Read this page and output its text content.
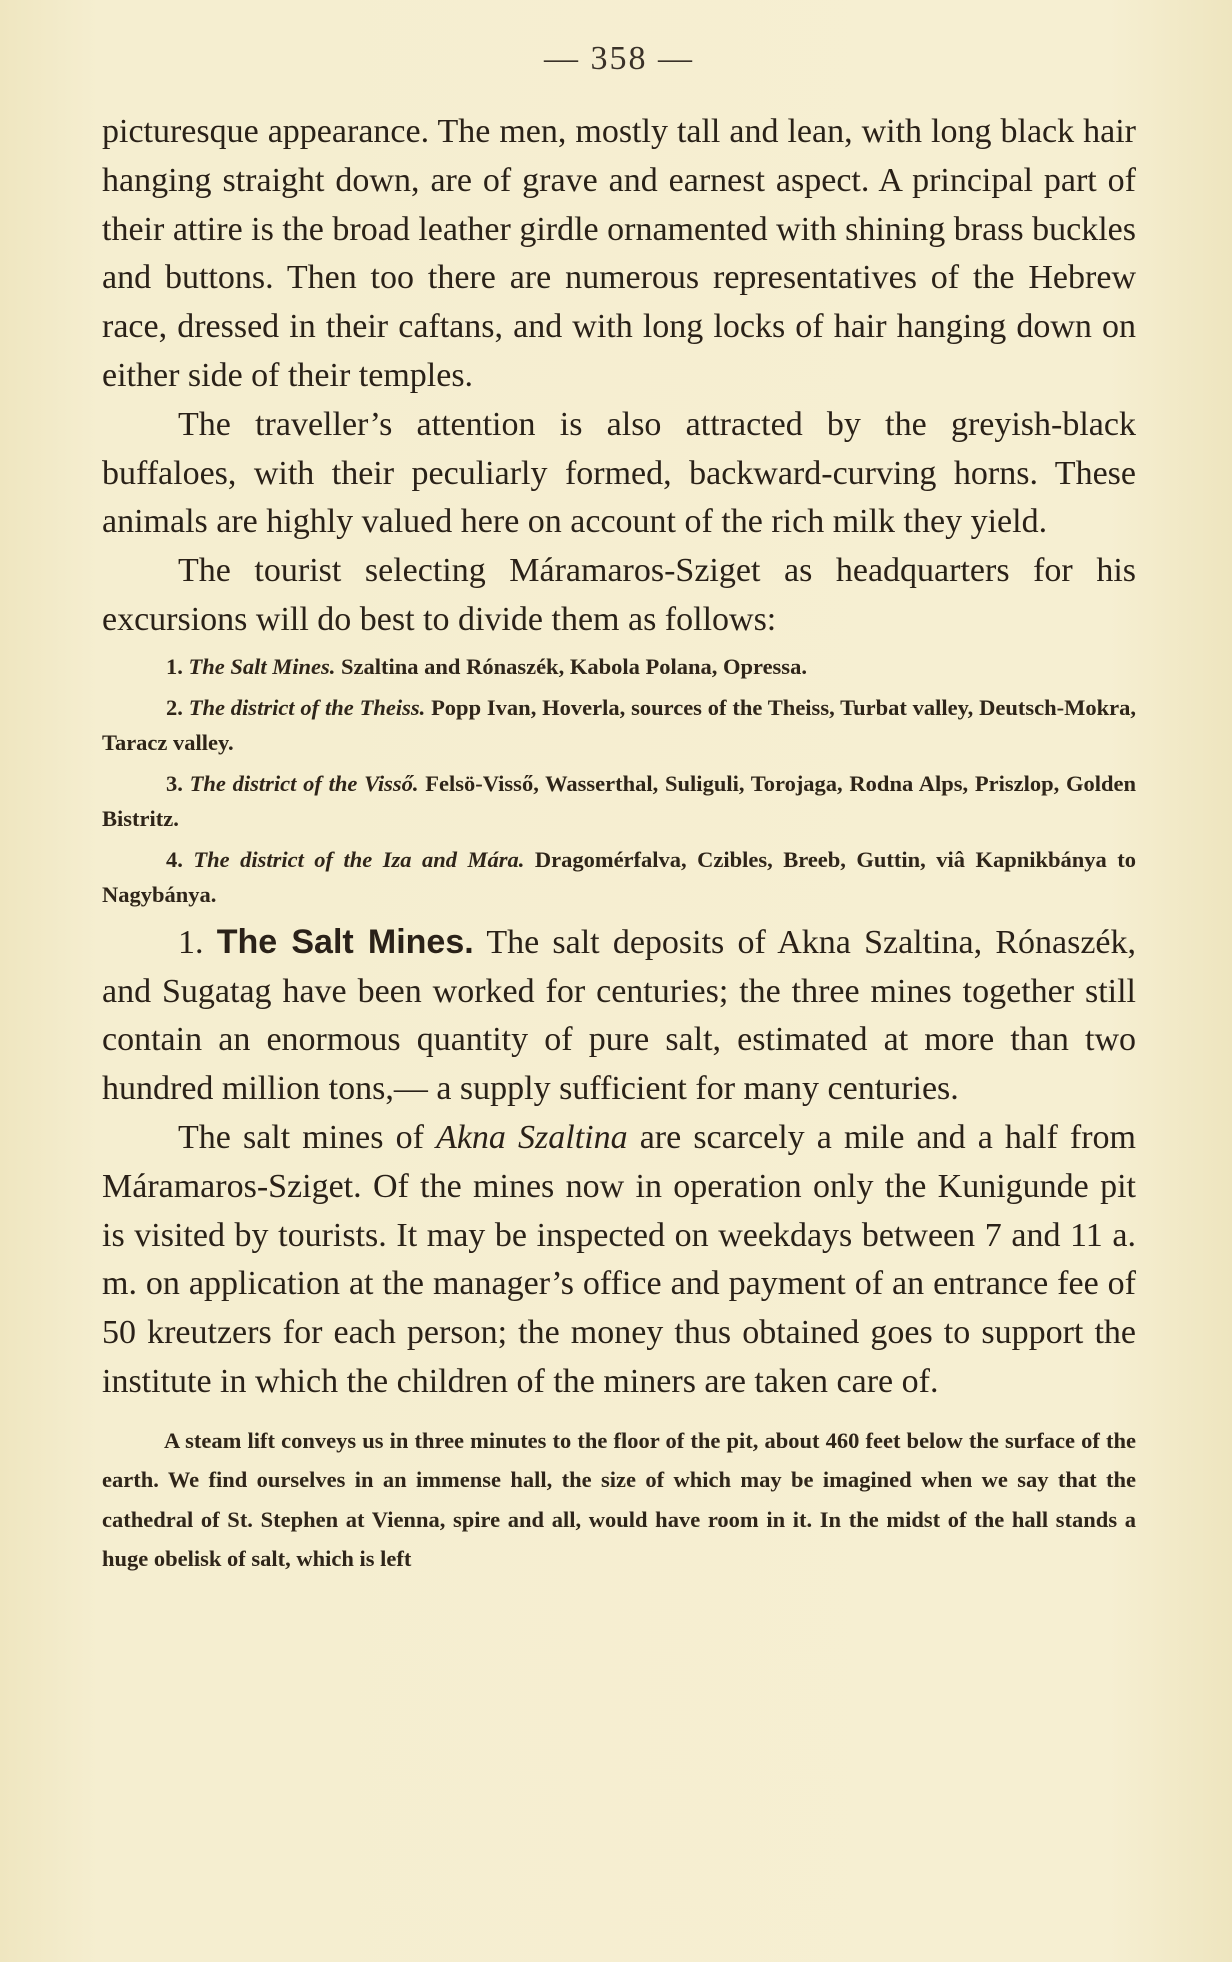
— 358 —

picturesque appearance. The men, mostly tall and lean, with long black hair hanging straight down, are of grave and earnest aspect. A principal part of their attire is the broad leather girdle ornamented with shining brass buckles and buttons. Then too there are numerous representatives of the Hebrew race, dressed in their caftans, and with long locks of hair hanging down on either side of their temples.

The traveller’s attention is also attracted by the greyish-black buffaloes, with their peculiarly formed, backward-curving horns. These animals are highly valued here on account of the rich milk they yield.

The tourist selecting Máramaros-Sziget as headquarters for his excursions will do best to divide them as follows:

1. The Salt Mines. Szaltina and Rónaszék, Kabola Polana, Opressa.

2. The district of the Theiss. Popp Ivan, Hoverla, sources of the Theiss, Turbat valley, Deutsch-Mokra, Taracz valley.

3. The district of the Visső. Felsö-Visső, Wasserthal, Suliguli, Torojaga, Rodna Alps, Priszlop, Golden Bistritz.

4. The district of the Iza and Mára. Dragomérfalva, Czibles, Breeb, Guttin, viâ Kapnikbánya to Nagybánya.

1. The Salt Mines. The salt deposits of Akna Szaltina, Rónaszék, and Sugatag have been worked for centuries; the three mines together still contain an enormous quantity of pure salt, estimated at more than two hundred million tons,— a supply sufficient for many centuries.

The salt mines of Akna Szaltina are scarcely a mile and a half from Máramaros-Sziget. Of the mines now in operation only the Kunigunde pit is visited by tourists. It may be inspected on weekdays between 7 and 11 a. m. on application at the manager’s office and payment of an entrance fee of 50 kreutzers for each person; the money thus obtained goes to support the institute in which the children of the miners are taken care of.

A steam lift conveys us in three minutes to the floor of the pit, about 460 feet below the surface of the earth. We find ourselves in an immense hall, the size of which may be imagined when we say that the cathedral of St. Stephen at Vienna, spire and all, would have room in it. In the midst of the hall stands a huge obelisk of salt, which is left
